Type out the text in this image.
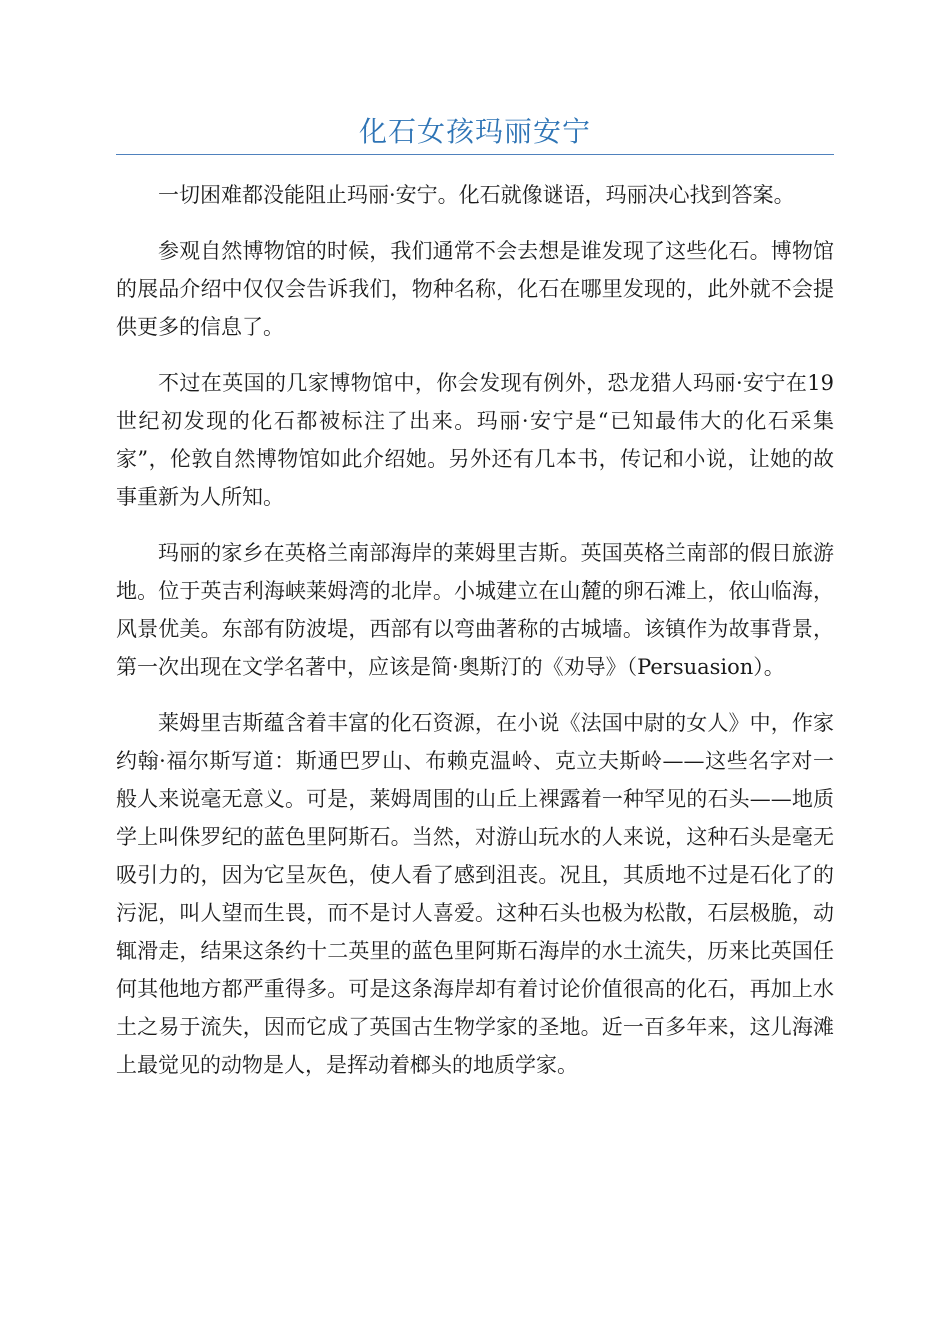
化石女孩玛丽安宁

一切困难都没能阻止玛丽·安宁。化石就像谜语，玛丽决心找到答案。

参观自然博物馆的时候，我们通常不会去想是谁发现了这些化石。博物馆的展品介绍中仅仅会告诉我们，物种名称，化石在哪里发现的，此外就不会提供更多的信息了。

不过在英国的几家博物馆中，你会发现有例外，恐龙猎人玛丽·安宁在19世纪初发现的化石都被标注了出来。玛丽·安宁是“已知最伟大的化石采集家”，伦敦自然博物馆如此介绍她。另外还有几本书，传记和小说，让她的故事重新为人所知。

玛丽的家乡在英格兰南部海岸的莱姆里吉斯。英国英格兰南部的假日旅游地。位于英吉利海峡莱姆湾的北岸。小城建立在山麓的卵石滩上，依山临海，风景优美。东部有防波堤，西部有以弯曲著称的古城墙。该镇作为故事背景，第一次出现在文学名著中，应该是简·奥斯汀的《劝导》（Persuasion）。

莱姆里吉斯蕴含着丰富的化石资源，在小说《法国中尉的女人》中，作家约翰·福尔斯写道：斯通巴罗山、布赖克温岭、克立夫斯岭——这些名字对一般人来说毫无意义。可是，莱姆周围的山丘上裸露着一种罕见的石头——地质学上叫侏罗纪的蓝色里阿斯石。当然，对游山玩水的人来说，这种石头是毫无吸引力的，因为它呈灰色，使人看了感到沮丧。况且，其质地不过是石化了的污泥，叫人望而生畏，而不是讨人喜爱。这种石头也极为松散，石层极脆，动辄滑走，结果这条约十二英里的蓝色里阿斯石海岸的水土流失，历来比英国任何其他地方都严重得多。可是这条海岸却有着讨论价值很高的化石，再加上水土之易于流失，因而它成了英国古生物学家的圣地。近一百多年来，这儿海滩上最觉见的动物是人，是挥动着榔头的地质学家。
